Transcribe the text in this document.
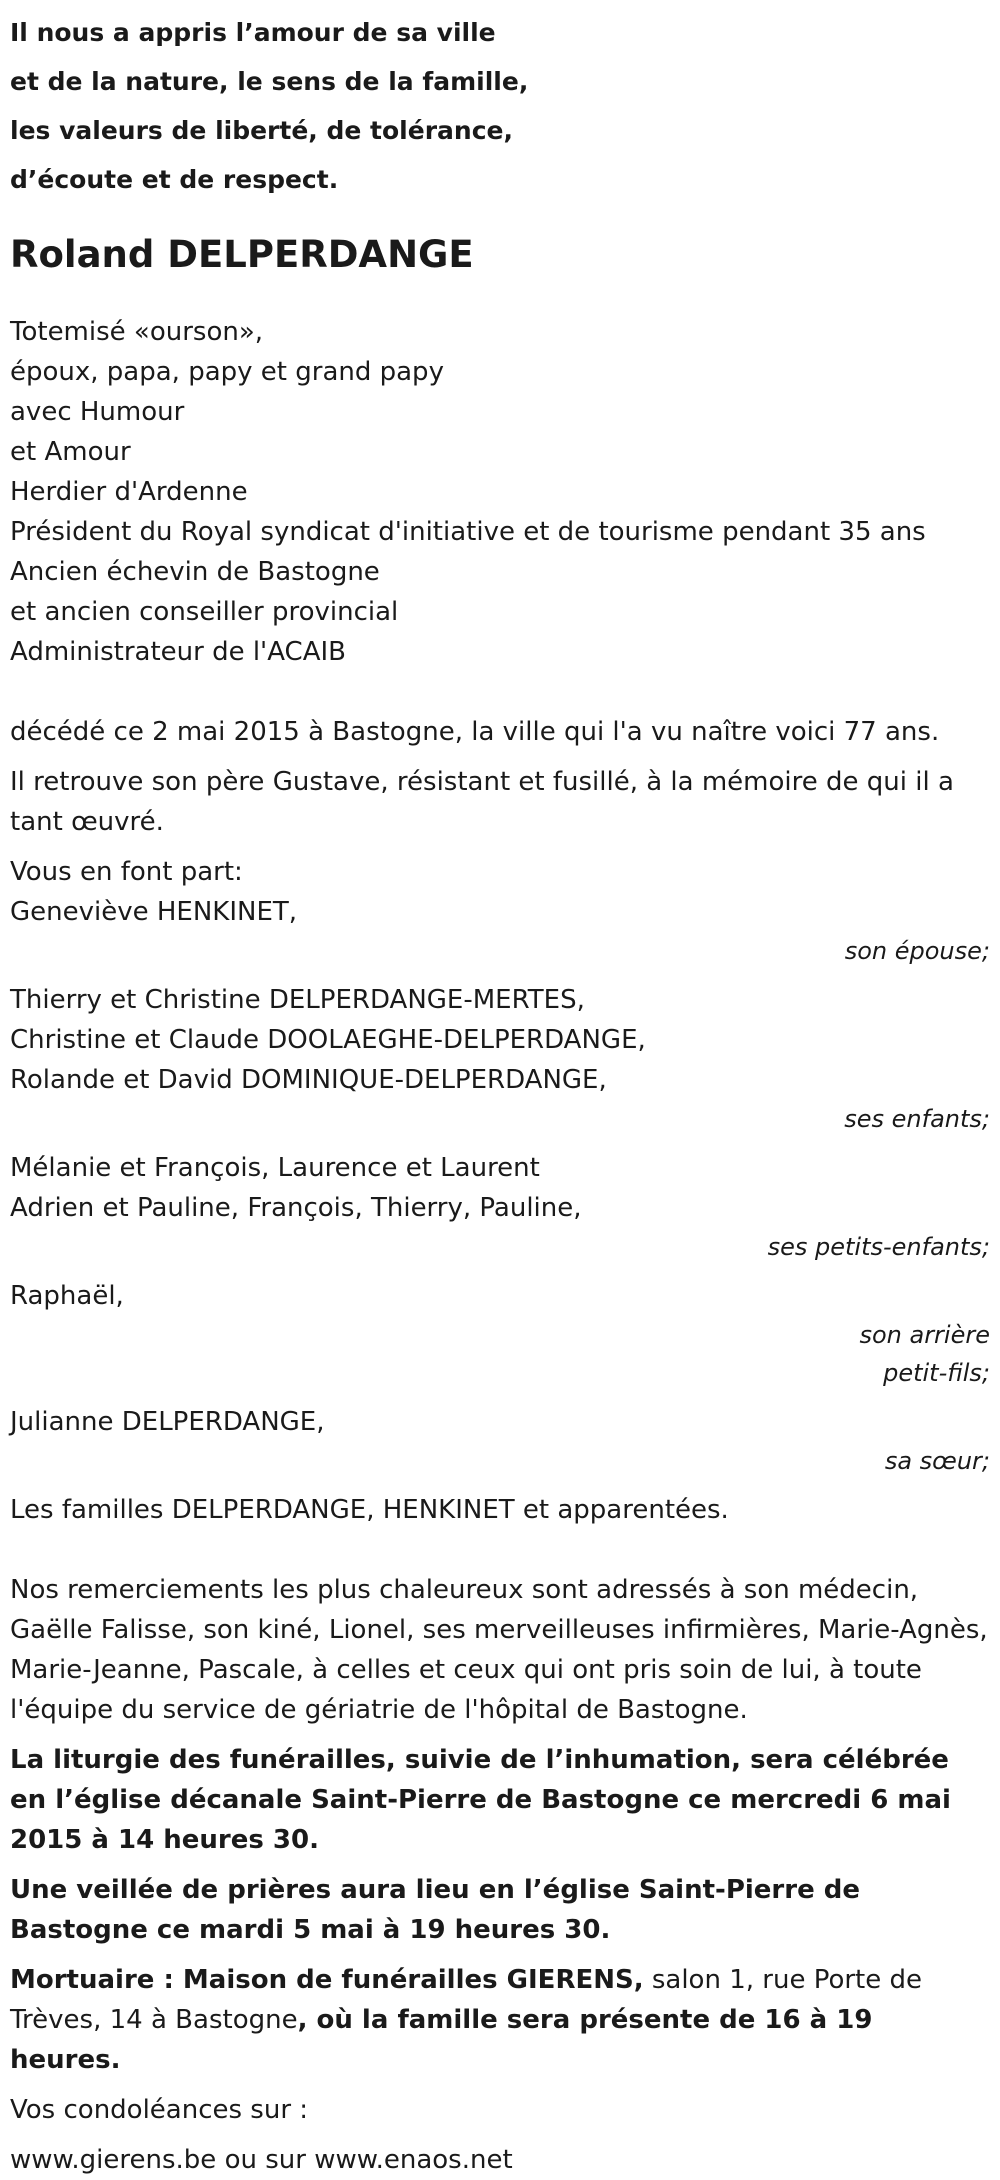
Il nous a appris l’amour de sa ville
et de la nature, le sens de la famille,
les valeurs de liberté, de tolérance,
d’écoute et de respect.
Roland DELPERDANGE
Totemisé «ourson»,
époux, papa, papy et grand papy
avec Humour
et Amour
Herdier d'Ardenne
Président du Royal syndicat d'initiative et de tourisme pendant 35 ans
Ancien échevin de Bastogne
et ancien conseiller provincial
Administrateur de l'ACAIB
décédé ce 2 mai 2015 à Bastogne, la ville qui l'a vu naître voici 77 ans.
Il retrouve son père Gustave, résistant et fusillé, à la mémoire de qui il a tant œuvré.
Vous en font part:
Geneviève HENKINET,
son épouse;
Thierry et Christine DELPERDANGE-MERTES,
Christine et Claude DOOLAEGHE-DELPERDANGE,
Rolande et David DOMINIQUE-DELPERDANGE,
ses enfants;
Mélanie et François, Laurence et Laurent
Adrien et Pauline, François, Thierry, Pauline,
ses petits-enfants;
Raphaël,
son arrière
petit-fils;
Julianne DELPERDANGE,
sa sœur;
Les familles DELPERDANGE, HENKINET et apparentées.
Nos remerciements les plus chaleureux sont adressés à son médecin, Gaëlle Falisse, son kiné, Lionel, ses merveilleuses infirmières, Marie-Agnès, Marie-Jeanne, Pascale, à celles et ceux qui ont pris soin de lui, à toute l'équipe du service de gériatrie de l'hôpital de Bastogne.
La liturgie des funérailles, suivie de l’inhumation, sera célébrée en l’église décanale Saint-Pierre de Bastogne ce mercredi 6 mai 2015 à 14 heures 30.
Une veillée de prières aura lieu en l’église Saint-Pierre de Bastogne ce mardi 5 mai à 19 heures 30.
Mortuaire : Maison de funérailles GIERENS, salon 1, rue Porte de Trèves, 14 à Bastogne, où la famille sera présente de 16 à 19 heures.
Vos condoléances sur :
www.gierens.be ou sur www.enaos.net
